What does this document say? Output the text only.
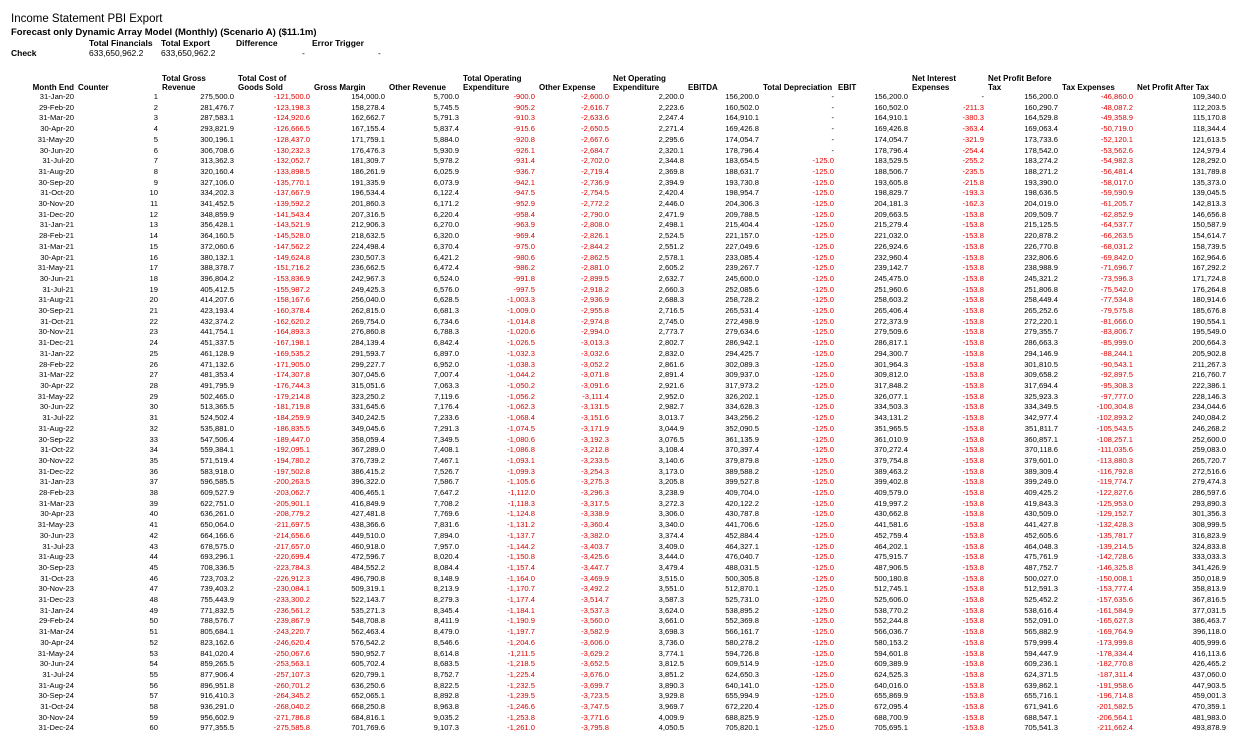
Income Statement PBI Export
Forecast only Dynamic Array Model (Monthly) (Scenario A) ($11.1m)
Total Financials Total Export	Difference	Error Trigger
Check	633,650,962.2 633,650,962.2	-	-
Month End	Counter	Total Gross Revenue	Total Cost of Goods Sold	Gross Margin	Other Revenue	Total Operating Expenditure	Other Expense	Net Operating Expenditure	EBITDA	Total Depreciation	EBIT	Net Interest Expenses	Net Profit Before Tax	Tax Expenses	Net Profit After Tax
31-Jan-20	1	275,500.0	-121,500.0	154,000.0	5,700.0	-900.0	-2,600.0	2,200.0	156,200.0	-	156,200.0	-	156,200.0	-46,860.0	109,340.0
29-Feb-20	2	281,476.7	-123,198.3	158,278.4	5,745.5	-905.2	-2,616.7	2,223.6	160,502.0	-	160,502.0	-211.3	160,290.7	-48,087.2	112,203.5
31-Mar-20	3	287,583.1	-124,920.6	162,662.7	5,791.3	-910.3	-2,633.6	2,247.4	164,910.1	-	164,910.1	-380.3	164,529.8	-49,358.9	115,170.8
30-Apr-20	4	293,821.9	-126,666.5	167,155.4	5,837.4	-915.6	-2,650.5	2,271.4	169,426.8	-	169,426.8	-363.4	169,063.4	-50,719.0	118,344.4
31-May-20	5	300,196.1	-128,437.0	171,759.1	5,884.0	-920.8	-2,667.6	2,295.6	174,054.7	-	174,054.7	-321.9	173,733.6	-52,120.1	121,613.5
30-Jun-20	6	306,708.6	-130,232.3	176,476.3	5,930.9	-926.1	-2,684.7	2,320.1	178,796.4	-	178,796.4	-254.4	178,542.0	-53,562.6	124,979.4
31-Jul-20	7	313,362.3	-132,052.7	181,309.7	5,978.2	-931.4	-2,702.0	2,344.8	183,654.5	-125.0	183,529.5	-255.2	183,274.2	-54,982.3	128,292.0
31-Aug-20	8	320,160.4	-133,898.5	186,261.9	6,025.9	-936.7	-2,719.4	2,369.8	188,631.7	-125.0	188,506.7	-235.5	188,271.2	-56,481.4	131,789.8
30-Sep-20	9	327,106.0	-135,770.1	191,335.9	6,073.9	-942.1	-2,736.9	2,394.9	193,730.8	-125.0	193,605.8	-215.8	193,390.0	-58,017.0	135,373.0
31-Oct-20	10	334,202.3	-137,667.9	196,534.4	6,122.4	-947.5	-2,754.5	2,420.4	198,954.7	-125.0	198,829.7	-193.3	198,636.5	-59,590.9	139,045.5
30-Nov-20	11	341,452.5	-139,592.2	201,860.3	6,171.2	-952.9	-2,772.2	2,446.0	204,306.3	-125.0	204,181.3	-162.3	204,019.0	-61,205.7	142,813.3
31-Dec-20	12	348,859.9	-141,543.4	207,316.5	6,220.4	-958.4	-2,790.0	2,471.9	209,788.5	-125.0	209,663.5	-153.8	209,509.7	-62,852.9	146,656.8
31-Jan-21	13	356,428.1	-143,521.9	212,906.3	6,270.0	-963.9	-2,808.0	2,498.1	215,404.4	-125.0	215,279.4	-153.8	215,125.5	-64,537.7	150,587.9
28-Feb-21	14	364,160.5	-145,528.0	218,632.5	6,320.0	-969.4	-2,826.1	2,524.5	221,157.0	-125.0	221,032.0	-153.8	220,878.2	-66,263.5	154,614.7
31-Mar-21	15	372,060.6	-147,562.2	224,498.4	6,370.4	-975.0	-2,844.2	2,551.2	227,049.6	-125.0	226,924.6	-153.8	226,770.8	-68,031.2	158,739.5
30-Apr-21	16	380,132.1	-149,624.8	230,507.3	6,421.2	-980.6	-2,862.5	2,578.1	233,085.4	-125.0	232,960.4	-153.8	232,806.6	-69,842.0	162,964.6
31-May-21	17	388,378.7	-151,716.2	236,662.5	6,472.4	-986.2	-2,881.0	2,605.2	239,267.7	-125.0	239,142.7	-153.8	238,988.9	-71,696.7	167,292.2
30-Jun-21	18	396,804.2	-153,836.9	242,967.3	6,524.0	-991.8	-2,899.5	2,632.7	245,600.0	-125.0	245,475.0	-153.8	245,321.2	-73,596.3	171,724.8
31-Jul-21	19	405,412.5	-155,987.2	249,425.3	6,576.0	-997.5	-2,918.2	2,660.3	252,085.6	-125.0	251,960.6	-153.8	251,806.8	-75,542.0	176,264.8
31-Aug-21	20	414,207.6	-158,167.6	256,040.0	6,628.5	-1,003.3	-2,936.9	2,688.3	258,728.2	-125.0	258,603.2	-153.8	258,449.4	-77,534.8	180,914.6
30-Sep-21	21	423,193.4	-160,378.4	262,815.0	6,681.3	-1,009.0	-2,955.8	2,716.5	265,531.4	-125.0	265,406.4	-153.8	265,252.6	-79,575.8	185,676.8
31-Oct-21	22	432,374.2	-162,620.2	269,754.0	6,734.6	-1,014.8	-2,974.8	2,745.0	272,498.9	-125.0	272,373.9	-153.8	272,220.1	-81,666.0	190,554.1
30-Nov-21	23	441,754.1	-164,893.3	276,860.8	6,788.3	-1,020.6	-2,994.0	2,773.7	279,634.6	-125.0	279,509.6	-153.8	279,355.7	-83,806.7	195,549.0
31-Dec-21	24	451,337.5	-167,198.1	284,139.4	6,842.4	-1,026.5	-3,013.3	2,802.7	286,942.1	-125.0	286,817.1	-153.8	286,663.3	-85,999.0	200,664.3
31-Jan-22	25	461,128.9	-169,535.2	291,593.7	6,897.0	-1,032.3	-3,032.6	2,832.0	294,425.7	-125.0	294,300.7	-153.8	294,146.9	-88,244.1	205,902.8
28-Feb-22	26	471,132.6	-171,905.0	299,227.7	6,952.0	-1,038.3	-3,052.2	2,861.6	302,089.3	-125.0	301,964.3	-153.8	301,810.5	-90,543.1	211,267.3
31-Mar-22	27	481,353.4	-174,307.8	307,045.6	7,007.4	-1,044.2	-3,071.8	2,891.4	309,937.0	-125.0	309,812.0	-153.8	309,658.2	-92,897.5	216,760.7
30-Apr-22	28	491,795.9	-176,744.3	315,051.6	7,063.3	-1,050.2	-3,091.6	2,921.6	317,973.2	-125.0	317,848.2	-153.8	317,694.4	-95,308.3	222,386.1
31-May-22	29	502,465.0	-179,214.8	323,250.2	7,119.6	-1,056.2	-3,111.4	2,952.0	326,202.1	-125.0	326,077.1	-153.8	325,923.3	-97,777.0	228,146.3
30-Jun-22	30	513,365.5	-181,719.8	331,645.6	7,176.4	-1,062.3	-3,131.5	2,982.7	334,628.3	-125.0	334,503.3	-153.8	334,349.5	-100,304.8	234,044.6
31-Jul-22	31	524,502.4	-184,259.9	340,242.5	7,233.6	-1,068.4	-3,151.6	3,013.7	343,256.2	-125.0	343,131.2	-153.8	342,977.4	-102,893.2	240,084.2
31-Aug-22	32	535,881.0	-186,835.5	349,045.6	7,291.3	-1,074.5	-3,171.9	3,044.9	352,090.5	-125.0	351,965.5	-153.8	351,811.7	-105,543.5	246,268.2
30-Sep-22	33	547,506.4	-189,447.0	358,059.4	7,349.5	-1,080.6	-3,192.3	3,076.5	361,135.9	-125.0	361,010.9	-153.8	360,857.1	-108,257.1	252,600.0
31-Oct-22	34	559,384.1	-192,095.1	367,289.0	7,408.1	-1,086.8	-3,212.8	3,108.4	370,397.4	-125.0	370,272.4	-153.8	370,118.6	-111,035.6	259,083.0
30-Nov-22	35	571,519.4	-194,780.2	376,739.2	7,467.1	-1,093.1	-3,233.5	3,140.6	379,879.8	-125.0	379,754.8	-153.8	379,601.0	-113,880.3	265,720.7
31-Dec-22	36	583,918.0	-197,502.8	386,415.2	7,526.7	-1,099.3	-3,254.3	3,173.0	389,588.2	-125.0	389,463.2	-153.8	389,309.4	-116,792.8	272,516.6
31-Jan-23	37	596,585.5	-200,263.5	396,322.0	7,586.7	-1,105.6	-3,275.3	3,205.8	399,527.8	-125.0	399,402.8	-153.8	399,249.0	-119,774.7	279,474.3
28-Feb-23	38	609,527.9	-203,062.7	406,465.1	7,647.2	-1,112.0	-3,296.3	3,238.9	409,704.0	-125.0	409,579.0	-153.8	409,425.2	-122,827.6	286,597.6
31-Mar-23	39	622,751.0	-205,901.1	416,849.9	7,708.2	-1,118.3	-3,317.5	3,272.3	420,122.2	-125.0	419,997.2	-153.8	419,843.3	-125,953.0	293,890.3
30-Apr-23	40	636,261.0	-208,779.2	427,481.8	7,769.6	-1,124.8	-3,338.9	3,306.0	430,787.8	-125.0	430,662.8	-153.8	430,509.0	-129,152.7	301,356.3
31-May-23	41	650,064.0	-211,697.5	438,366.6	7,831.6	-1,131.2	-3,360.4	3,340.0	441,706.6	-125.0	441,581.6	-153.8	441,427.8	-132,428.3	308,999.5
30-Jun-23	42	664,166.6	-214,656.6	449,510.0	7,894.0	-1,137.7	-3,382.0	3,374.4	452,884.4	-125.0	452,759.4	-153.8	452,605.6	-135,781.7	316,823.9
31-Jul-23	43	678,575.0	-217,657.0	460,918.0	7,957.0	-1,144.2	-3,403.7	3,409.0	464,327.1	-125.0	464,202.1	-153.8	464,048.3	-139,214.5	324,833.8
31-Aug-23	44	693,296.1	-220,699.4	472,596.7	8,020.4	-1,150.8	-3,425.6	3,444.0	476,040.7	-125.0	475,915.7	-153.8	475,761.9	-142,728.6	333,033.3
30-Sep-23	45	708,336.5	-223,784.3	484,552.2	8,084.4	-1,157.4	-3,447.7	3,479.4	488,031.5	-125.0	487,906.5	-153.8	487,752.7	-146,325.8	341,426.9
31-Oct-23	46	723,703.2	-226,912.3	496,790.8	8,148.9	-1,164.0	-3,469.9	3,515.0	500,305.8	-125.0	500,180.8	-153.8	500,027.0	-150,008.1	350,018.9
30-Nov-23	47	739,403.2	-230,084.1	509,319.1	8,213.9	-1,170.7	-3,492.2	3,551.0	512,870.1	-125.0	512,745.1	-153.8	512,591.3	-153,777.4	358,813.9
31-Dec-23	48	755,443.9	-233,300.2	522,143.7	8,279.3	-1,177.4	-3,514.7	3,587.3	525,731.0	-125.0	525,606.0	-153.8	525,452.2	-157,635.6	367,816.5
31-Jan-24	49	771,832.5	-236,561.2	535,271.3	8,345.4	-1,184.1	-3,537.3	3,624.0	538,895.2	-125.0	538,770.2	-153.8	538,616.4	-161,584.9	377,031.5
29-Feb-24	50	788,576.7	-239,867.9	548,708.8	8,411.9	-1,190.9	-3,560.0	3,661.0	552,369.8	-125.0	552,244.8	-153.8	552,091.0	-165,627.3	386,463.7
31-Mar-24	51	805,684.1	-243,220.7	562,463.4	8,479.0	-1,197.7	-3,582.9	3,698.3	566,161.7	-125.0	566,036.7	-153.8	565,882.9	-169,764.9	396,118.0
30-Apr-24	52	823,162.6	-246,620.4	576,542.2	8,546.6	-1,204.6	-3,606.0	3,736.0	580,278.2	-125.0	580,153.2	-153.8	579,999.4	-173,999.8	405,999.6
31-May-24	53	841,020.4	-250,067.6	590,952.7	8,614.8	-1,211.5	-3,629.2	3,774.1	594,726.8	-125.0	594,601.8	-153.8	594,447.9	-178,334.4	416,113.6
30-Jun-24	54	859,265.5	-253,563.1	605,702.4	8,683.5	-1,218.5	-3,652.5	3,812.5	609,514.9	-125.0	609,389.9	-153.8	609,236.1	-182,770.8	426,465.2
31-Jul-24	55	877,906.4	-257,107.3	620,799.1	8,752.7	-1,225.4	-3,676.0	3,851.2	624,650.3	-125.0	624,525.3	-153.8	624,371.5	-187,311.4	437,060.0
31-Aug-24	56	896,951.8	-260,701.2	636,250.6	8,822.5	-1,232.5	-3,699.7	3,890.3	640,141.0	-125.0	640,016.0	-153.8	639,862.1	-191,958.6	447,903.5
30-Sep-24	57	916,410.3	-264,345.2	652,065.1	8,892.8	-1,239.5	-3,723.5	3,929.8	655,994.9	-125.0	655,869.9	-153.8	655,716.1	-196,714.8	459,001.3
31-Oct-24	58	936,291.0	-268,040.2	668,250.8	8,963.8	-1,246.6	-3,747.5	3,969.7	672,220.4	-125.0	672,095.4	-153.8	671,941.6	-201,582.5	470,359.1
30-Nov-24	59	956,602.9	-271,786.8	684,816.1	9,035.2	-1,253.8	-3,771.6	4,009.9	688,825.9	-125.0	688,700.9	-153.8	688,547.1	-206,564.1	481,983.0
31-Dec-24	60	977,355.5	-275,585.8	701,769.6	9,107.3	-1,261.0	-3,795.8	4,050.5	705,820.1	-125.0	705,695.1	-153.8	705,541.3	-211,662.4	493,878.9
